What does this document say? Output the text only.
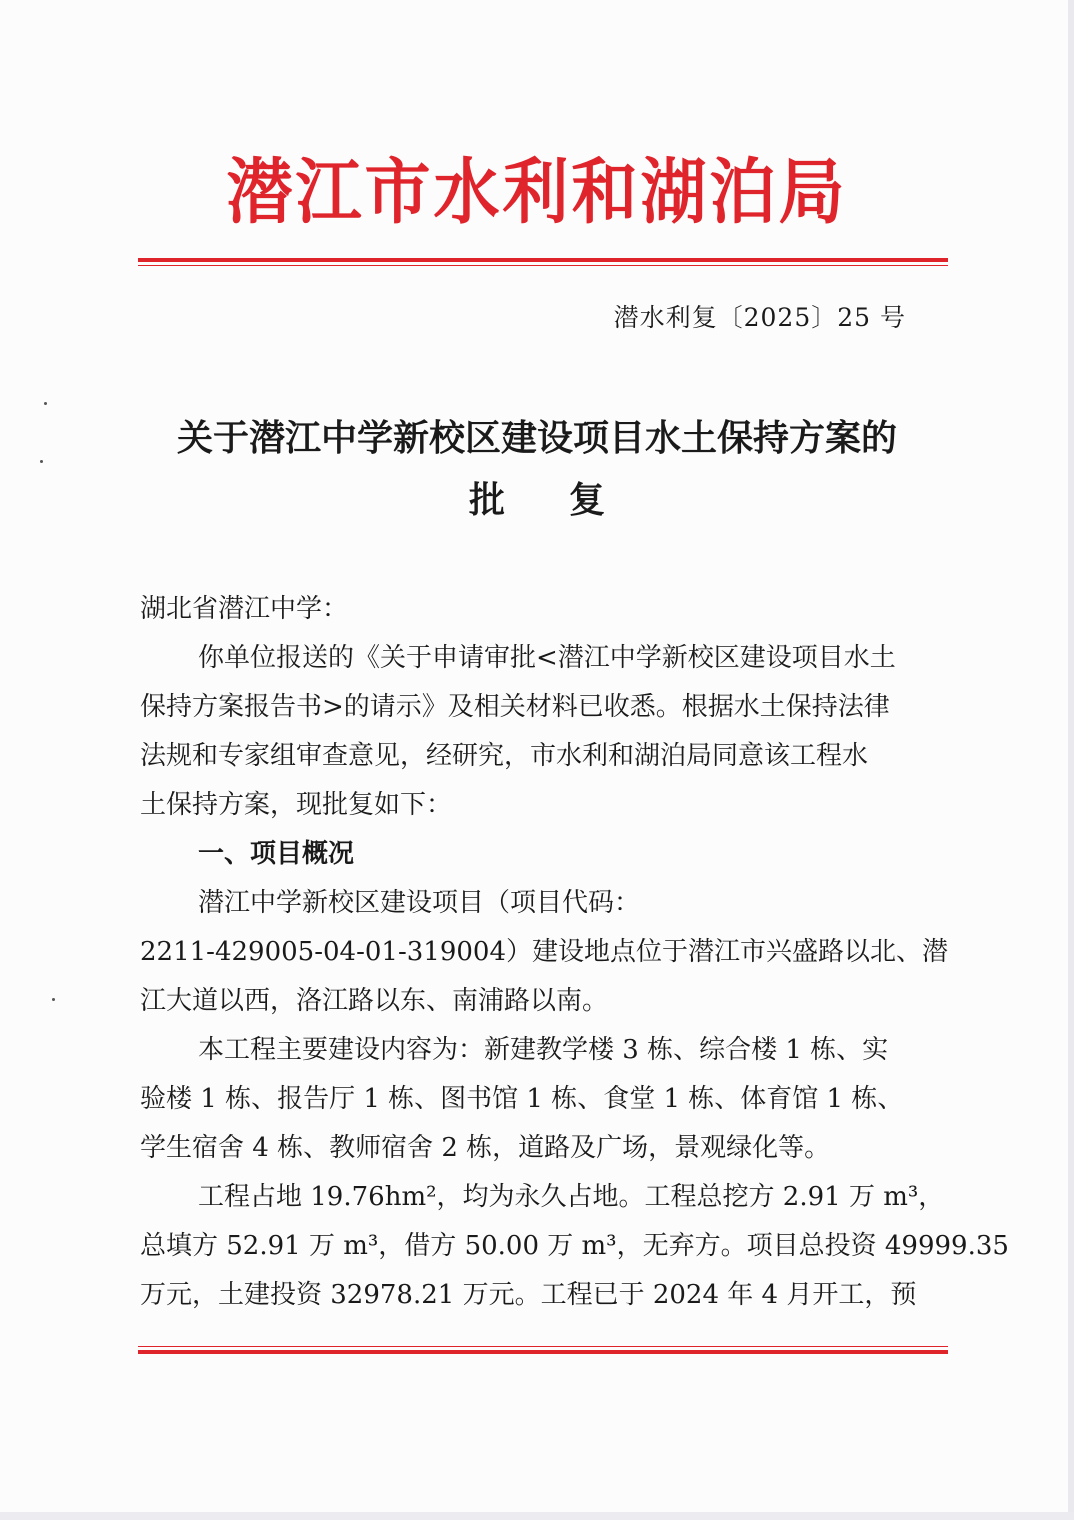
潜江市水利和湖泊局
潜水利复〔2025〕25 号
关于潜江中学新校区建设项目水土保持方案的
批复

湖北省潜江中学：

你单位报送的《关于申请审批<潜江中学新校区建设项目水土

保持方案报告书>的请示》及相关材料已收悉。根据水土保持法律
法规和专家组审查意见，经研究，市水利和湖泊局同意该工程水
土保持方案，现批复如下：

一、项目概况

潜江中学新校区建设项目（项目代码：

2211-429005-04-01-319004）建设地点位于潜江市兴盛路以北、潜
江大道以西，洛江路以东、南浦路以南。

本工程主要建设内容为：新建教学楼 3 栋、综合楼 1 栋、实

验楼 1 栋、报告厅 1 栋、图书馆 1 栋、食堂 1 栋、体育馆 1 栋、
学生宿舍 4 栋、教师宿舍 2 栋，道路及广场，景观绿化等。

工程占地 19.76hm²，均为永久占地。工程总挖方 2.91 万 m³，

总填方 52.91 万 m³，借方 50.00 万 m³，无弃方。项目总投资 49999.35
万元，土建投资 32978.21 万元。工程已于 2024 年 4 月开工，预
